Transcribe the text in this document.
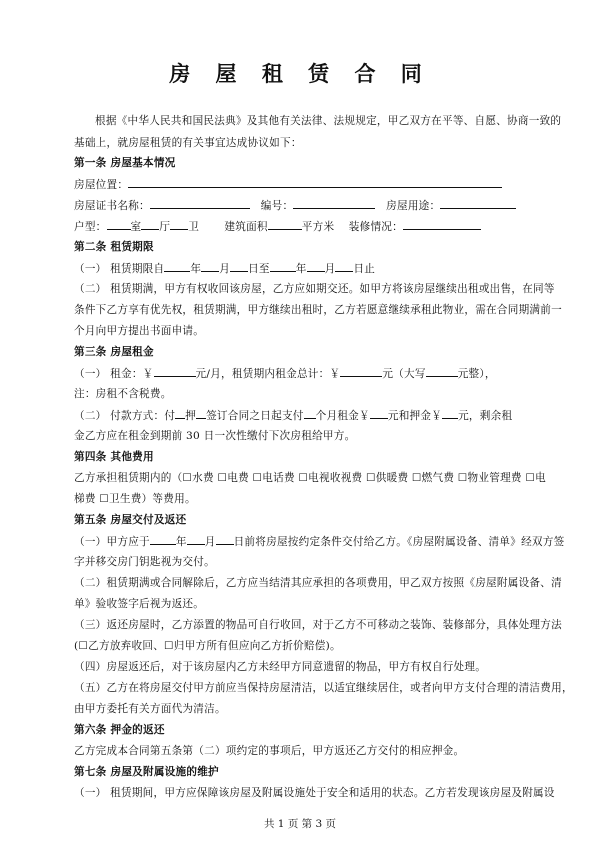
房 屋 租 赁 合 同
根据《中华人民共和国民法典》及其他有关法律、法规规定，甲乙双方在平等、自愿、协商一致的
基础上，就房屋租赁的有关事宜达成协议如下：
第一条 房屋基本情况
房屋位置：
房屋证书名称：	编号：	房屋用途：
户型： 室 厅 卫 建筑面积	平方米 装修情况：
第二条 租赁期限
（一） 租赁期限自 年 月 日至 年 月 日止
（二） 租赁期满，甲方有权收回该房屋，乙方应如期交还。如甲方将该房屋继续出租或出售，在同等
条件下乙方享有优先权，租赁期满，甲方继续出租时，乙方若愿意继续承租此物业，需在合同期满前一
个月向甲方提出书面申请。
第三条 房屋租金
（一） 租金：￥	元/月，租赁期内租金总计：￥	元（大写	元整），
注：房租不含税费。
（二） 付款方式：付 押 签订合同之日起支付 个月租金￥ 元和押金￥ 元，剩余租
金乙方应在租金到期前 30 日一次性缴付下次房租给甲方。
第四条 其他费用
乙方承担租赁期内的（☐水费 ☐电费 ☐电话费 ☐电视收视费 ☐供暖费 ☐燃气费 ☐物业管理费 ☐电
梯费 ☐卫生费）等费用。
第五条 房屋交付及返还
（一）甲方应于 年 月 日前将房屋按约定条件交付给乙方。《房屋附属设备、清单》经双方签
字并移交房门钥匙视为交付。
（二）租赁期满或合同解除后，乙方应当结清其应承担的各项费用，甲乙双方按照《房屋附属设备、清
单》验收签字后视为返还。
（三）返还房屋时，乙方添置的物品可自行收回，对于乙方不可移动之装饰、装修部分，具体处理方法
(☐乙方放弃收回、☐归甲方所有但应向乙方折价赔偿)。
（四）房屋返还后，对于该房屋内乙方未经甲方同意遗留的物品，甲方有权自行处理。
（五）乙方在将房屋交付甲方前应当保持房屋清洁，以适宜继续居住，或者向甲方支付合理的清洁费用，
由甲方委托有关方面代为清洁。
第六条 押金的返还
乙方完成本合同第五条第（二）项约定的事项后，甲方返还乙方交付的相应押金。
第七条 房屋及附属设施的维护
（一） 租赁期间，甲方应保障该房屋及附属设施处于安全和适用的状态。乙方若发现该房屋及附属设
共 1 页 第 3 页
